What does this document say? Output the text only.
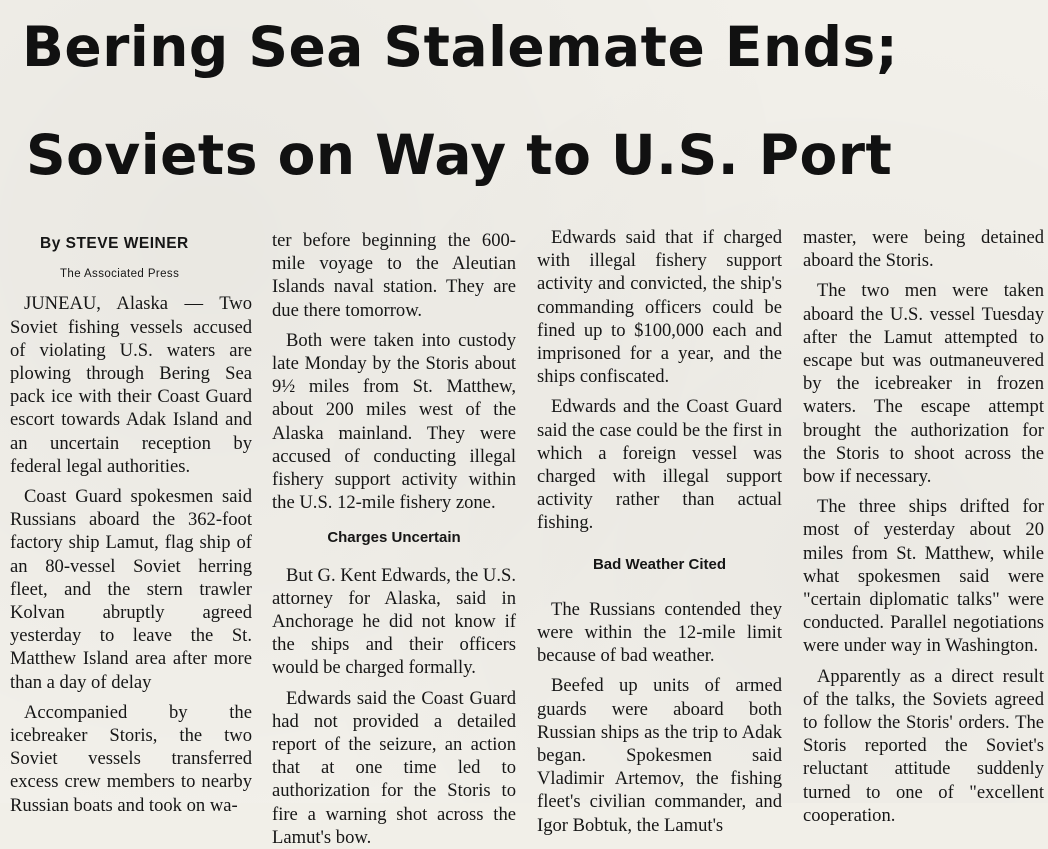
Bering Sea Stalemate Ends;
Soviets on Way to U.S. Port
By STEVE WEINER
The Associated Press

JUNEAU, Alaska — Two Soviet fishing vessels accused of violating U.S. waters are plowing through Bering Sea pack ice with their Coast Guard escort towards Adak Island and an uncertain reception by federal legal authorities.

Coast Guard spokesmen said Russians aboard the 362-foot factory ship Lamut, flag ship of an 80-vessel Soviet herring fleet, and the stern trawler Kolvan abruptly agreed yesterday to leave the St. Matthew Island area after more than a day of delay

Accompanied by the icebreaker Storis, the two Soviet vessels transferred excess crew members to nearby Russian boats and took on wa-

ter before beginning the 600-mile voyage to the Aleutian Islands naval station. They are due there tomorrow.

Both were taken into custody late Monday by the Storis about 9½ miles from St. Matthew, about 200 miles west of the Alaska mainland. They were accused of conducting illegal fishery support activity within the U.S. 12-mile fishery zone.

Charges Uncertain

But G. Kent Edwards, the U.S. attorney for Alaska, said in Anchorage he did not know if the ships and their officers would be charged formally.

Edwards said the Coast Guard had not provided a detailed report of the seizure, an action that at one time led to authorization for the Storis to fire a warning shot across the Lamut's bow.

Edwards said that if charged with illegal fishery support activity and convicted, the ship's commanding officers could be fined up to $100,000 each and imprisoned for a year, and the ships confiscated.

Edwards and the Coast Guard said the case could be the first in which a foreign vessel was charged with illegal support activity rather than actual fishing.

Bad Weather Cited

The Russians contended they were within the 12-mile limit because of bad weather.

Beefed up units of armed guards were aboard both Russian ships as the trip to Adak began. Spokesmen said Vladimir Artemov, the fishing fleet's civilian commander, and Igor Bobtuk, the Lamut's

master, were being detained aboard the Storis.

The two men were taken aboard the U.S. vessel Tuesday after the Lamut attempted to escape but was outmaneuvered by the icebreaker in frozen waters. The escape attempt brought the authorization for the Storis to shoot across the bow if necessary.

The three ships drifted for most of yesterday about 20 miles from St. Matthew, while what spokesmen said were "certain diplomatic talks" were conducted. Parallel negotiations were under way in Washington.

Apparently as a direct result of the talks, the Soviets agreed to follow the Storis' orders. The Storis reported the Soviet's reluctant attitude suddenly turned to one of "excellent cooperation.
